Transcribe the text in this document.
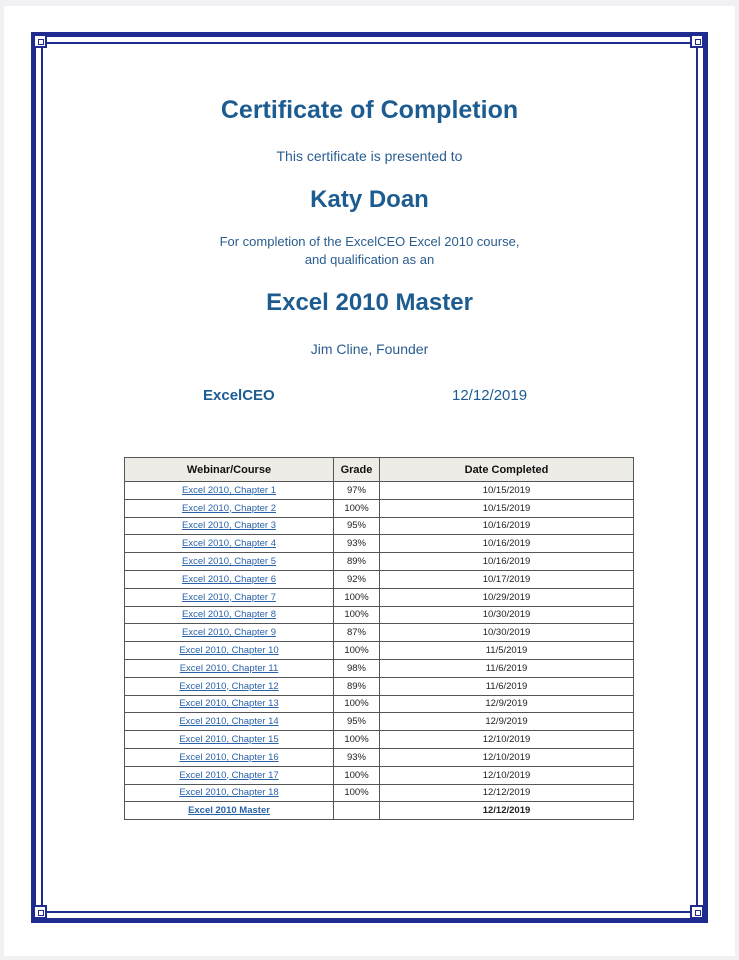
Certificate of Completion
This certificate is presented to
Katy Doan
For completion of the ExcelCEO Excel 2010 course,
and qualification as an
Excel 2010 Master
Jim Cline, Founder
ExcelCEO	12/12/2019
Webinar/Course	Grade	Date Completed
Excel 2010, Chapter 1	97%	10/15/2019
Excel 2010, Chapter 2	100%	10/15/2019
Excel 2010, Chapter 3	95%	10/16/2019
Excel 2010, Chapter 4	93%	10/16/2019
Excel 2010, Chapter 5	89%	10/16/2019
Excel 2010, Chapter 6	92%	10/17/2019
Excel 2010, Chapter 7	100%	10/29/2019
Excel 2010, Chapter 8	100%	10/30/2019
Excel 2010, Chapter 9	87%	10/30/2019
Excel 2010, Chapter 10	100%	11/5/2019
Excel 2010, Chapter 11	98%	11/6/2019
Excel 2010, Chapter 12	89%	11/6/2019
Excel 2010, Chapter 13	100%	12/9/2019
Excel 2010, Chapter 14	95%	12/9/2019
Excel 2010, Chapter 15	100%	12/10/2019
Excel 2010, Chapter 16	93%	12/10/2019
Excel 2010, Chapter 17	100%	12/10/2019
Excel 2010, Chapter 18	100%	12/12/2019
Excel 2010 Master		12/12/2019
